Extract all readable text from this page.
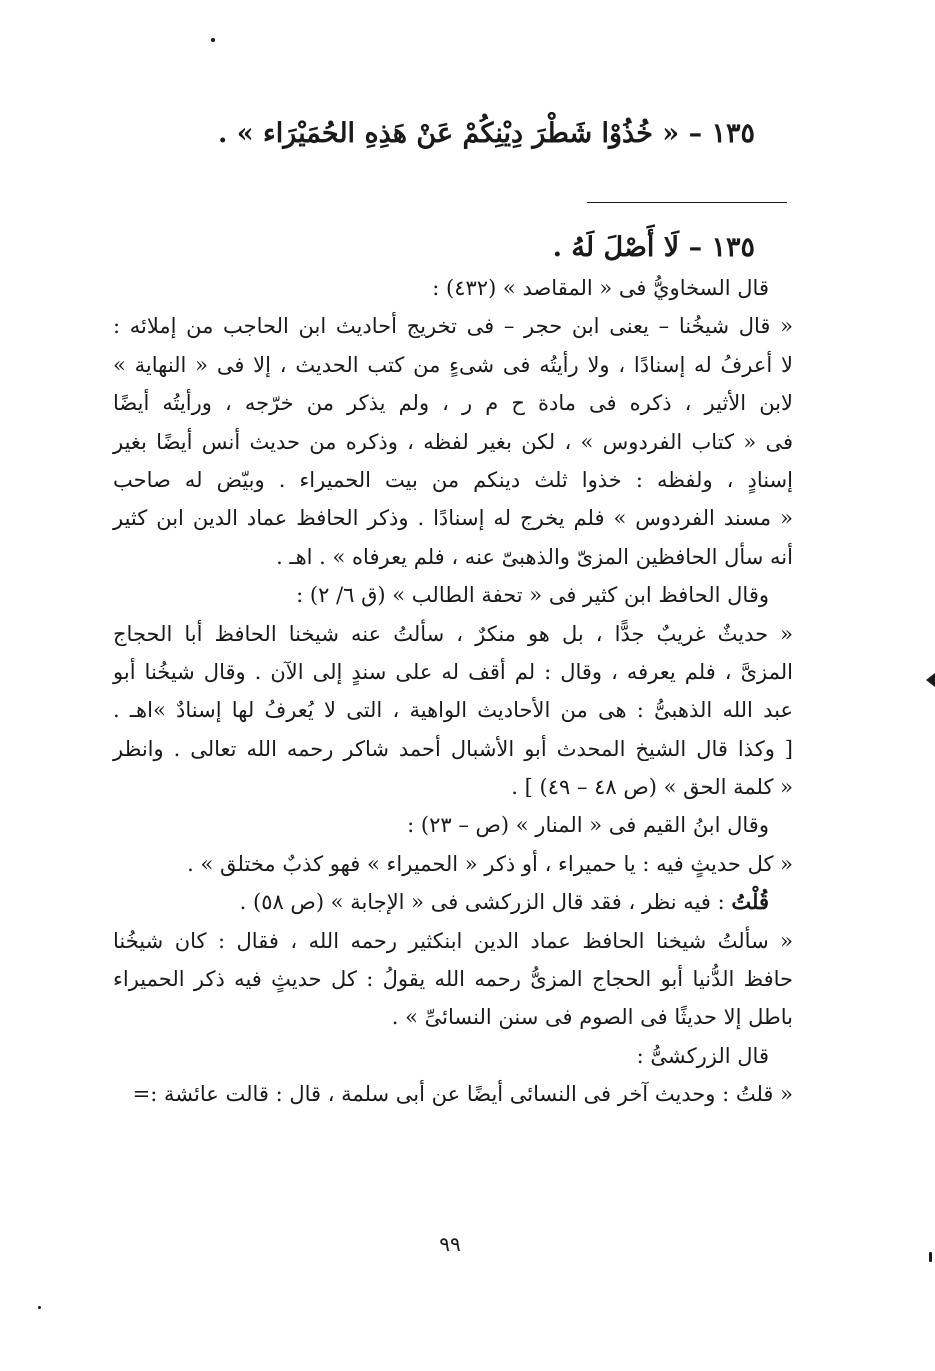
١٣٥ – « خُذُوْا شَطْرَ دِيْنِكُمْ عَنْ هَذِهِ الحُمَيْرَاء » .
١٣٥ – لَا أَصْلَ لَهُ .
قال السخاويُّ فى « المقاصد » (٤٣٢) :
« قال شيخُنا – يعنى ابن حجر – فى تخريج أحاديث ابن الحاجب من إملائه :
لا أعرفُ له إسنادًا ، ولا رأيتُه فى شىءٍ من كتب الحديث ، إلا فى « النهاية »
لابن الأثير ، ذكره فى مادة ح م ر ، ولم يذكر من خرّجه ، ورأيتُه أيضًا
فى « كتاب الفردوس » ، لكن بغير لفظه ، وذكره من حديث أنس أيضًا بغير
إسنادٍ ، ولفظه : خذوا ثلث دينكم من بيت الحميراء . وبيّض له صاحب
« مسند الفردوس » فلم يخرج له إسنادًا . وذكر الحافظ عماد الدين ابن كثير
أنه سأل الحافظين المزىّ والذهبىّ عنه ، فلم يعرفاه » . اهـ .
وقال الحافظ ابن كثير فى « تحفة الطالب » (ق ٦/ ٢) :
« حديثٌ غريبٌ جدًّا ، بل هو منكرٌ ، سألتُ عنه شيخنا الحافظ أبا الحجاج
المزىَّ ، فلم يعرفه ، وقال : لم أقف له على سندٍ إلى الآن . وقال شيخُنا أبو
عبد الله الذهبىُّ : هى من الأحاديث الواهية ، التى لا يُعرفُ لها إسنادٌ »اهـ .
[ وكذا قال الشيخ المحدث أبو الأشبال أحمد شاكر رحمه الله تعالى . وانظر
« كلمة الحق » (ص ٤٨ – ٤٩) ] .
وقال ابنُ القيم فى « المنار » (ص – ٢٣) :
« كل حديثٍ فيه : يا حميراء ، أو ذكر « الحميراء » فهو كذبٌ مختلق » .
قُلْتُ : فيه نظر ، فقد قال الزركشى فى « الإجابة » (ص ٥٨) .
« سألتُ شيخنا الحافظ عماد الدين ابنكثير رحمه الله ، فقال : كان شيخُنا
حافظ الدُّنيا أبو الحجاج المزىُّ رحمه الله يقولُ : كل حديثٍ فيه ذكر الحميراء
باطل إلا حديثًا فى الصوم فى سنن النسائىِّ » .
قال الزركشىُّ :
« قلتُ : وحديث آخر فى النسائى أيضًا عن أبى سلمة ، قال : قالت عائشة :=
٩٩
